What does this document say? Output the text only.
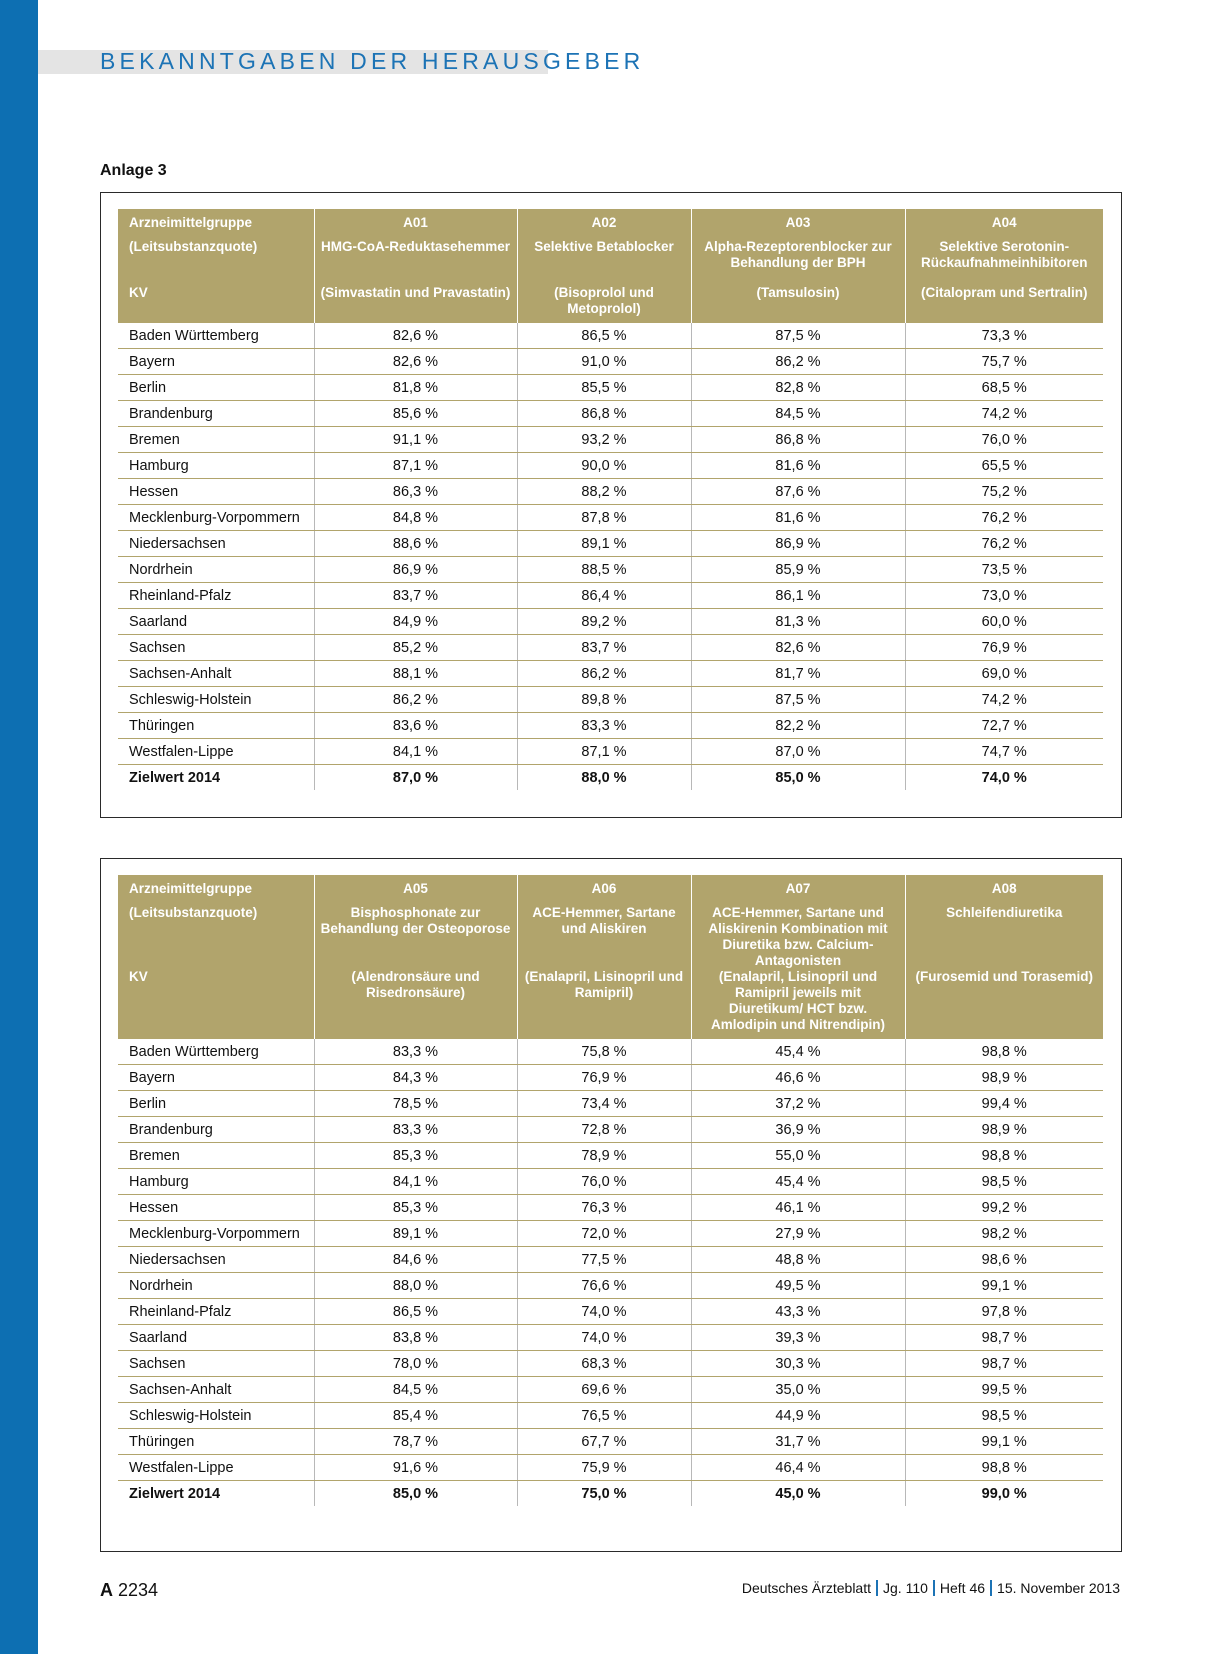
BEKANNTGABEN DER HERAUSGEBER
Anlage 3
Arzneimittelgruppe	A01	A02	A03	A04
(Leitsubstanzquote)	HMG-CoA-Reduktasehemmer	Selektive Betablocker	Alpha-Rezeptorenblocker zur Behandlung der BPH	Selektive Serotonin-Rückaufnahmeinhibitoren
KV	(Simvastatin und Pravastatin)	(Bisoprolol und Metoprolol)	(Tamsulosin)	(Citalopram und Sertralin)
Baden Württemberg	82,6 %	86,5 %	87,5 %	73,3 %
Bayern	82,6 %	91,0 %	86,2 %	75,7 %
Berlin	81,8 %	85,5 %	82,8 %	68,5 %
Brandenburg	85,6 %	86,8 %	84,5 %	74,2 %
Bremen	91,1 %	93,2 %	86,8 %	76,0 %
Hamburg	87,1 %	90,0 %	81,6 %	65,5 %
Hessen	86,3 %	88,2 %	87,6 %	75,2 %
Mecklenburg-Vorpommern	84,8 %	87,8 %	81,6 %	76,2 %
Niedersachsen	88,6 %	89,1 %	86,9 %	76,2 %
Nordrhein	86,9 %	88,5 %	85,9 %	73,5 %
Rheinland-Pfalz	83,7 %	86,4 %	86,1 %	73,0 %
Saarland	84,9 %	89,2 %	81,3 %	60,0 %
Sachsen	85,2 %	83,7 %	82,6 %	76,9 %
Sachsen-Anhalt	88,1 %	86,2 %	81,7 %	69,0 %
Schleswig-Holstein	86,2 %	89,8 %	87,5 %	74,2 %
Thüringen	83,6 %	83,3 %	82,2 %	72,7 %
Westfalen-Lippe	84,1 %	87,1 %	87,0 %	74,7 %
Zielwert 2014	87,0 %	88,0 %	85,0 %	74,0 %
Arzneimittelgruppe	A05	A06	A07	A08
(Leitsubstanzquote)	Bisphosphonate zur Behandlung der Osteoporose	ACE-Hemmer, Sartane und Aliskiren	ACE-Hemmer, Sartane und Aliskirenin Kombination mit Diuretika bzw. Calcium-Antagonisten	Schleifendiuretika
KV	(Alendronsäure und Risedronsäure)	(Enalapril, Lisinopril und Ramipril)	(Enalapril, Lisinopril und Ramipril jeweils mit Diuretikum/ HCT bzw. Amlodipin und Nitrendipin)	(Furosemid und Torasemid)
Baden Württemberg	83,3 %	75,8 %	45,4 %	98,8 %
Bayern	84,3 %	76,9 %	46,6 %	98,9 %
Berlin	78,5 %	73,4 %	37,2 %	99,4 %
Brandenburg	83,3 %	72,8 %	36,9 %	98,9 %
Bremen	85,3 %	78,9 %	55,0 %	98,8 %
Hamburg	84,1 %	76,0 %	45,4 %	98,5 %
Hessen	85,3 %	76,3 %	46,1 %	99,2 %
Mecklenburg-Vorpommern	89,1 %	72,0 %	27,9 %	98,2 %
Niedersachsen	84,6 %	77,5 %	48,8 %	98,6 %
Nordrhein	88,0 %	76,6 %	49,5 %	99,1 %
Rheinland-Pfalz	86,5 %	74,0 %	43,3 %	97,8 %
Saarland	83,8 %	74,0 %	39,3 %	98,7 %
Sachsen	78,0 %	68,3 %	30,3 %	98,7 %
Sachsen-Anhalt	84,5 %	69,6 %	35,0 %	99,5 %
Schleswig-Holstein	85,4 %	76,5 %	44,9 %	98,5 %
Thüringen	78,7 %	67,7 %	31,7 %	99,1 %
Westfalen-Lippe	91,6 %	75,9 %	46,4 %	98,8 %
Zielwert 2014	85,0 %	75,0 %	45,0 %	99,0 %
A 2234	Deutsches Ärzteblatt Jg. 110 Heft 46 15. November 2013
